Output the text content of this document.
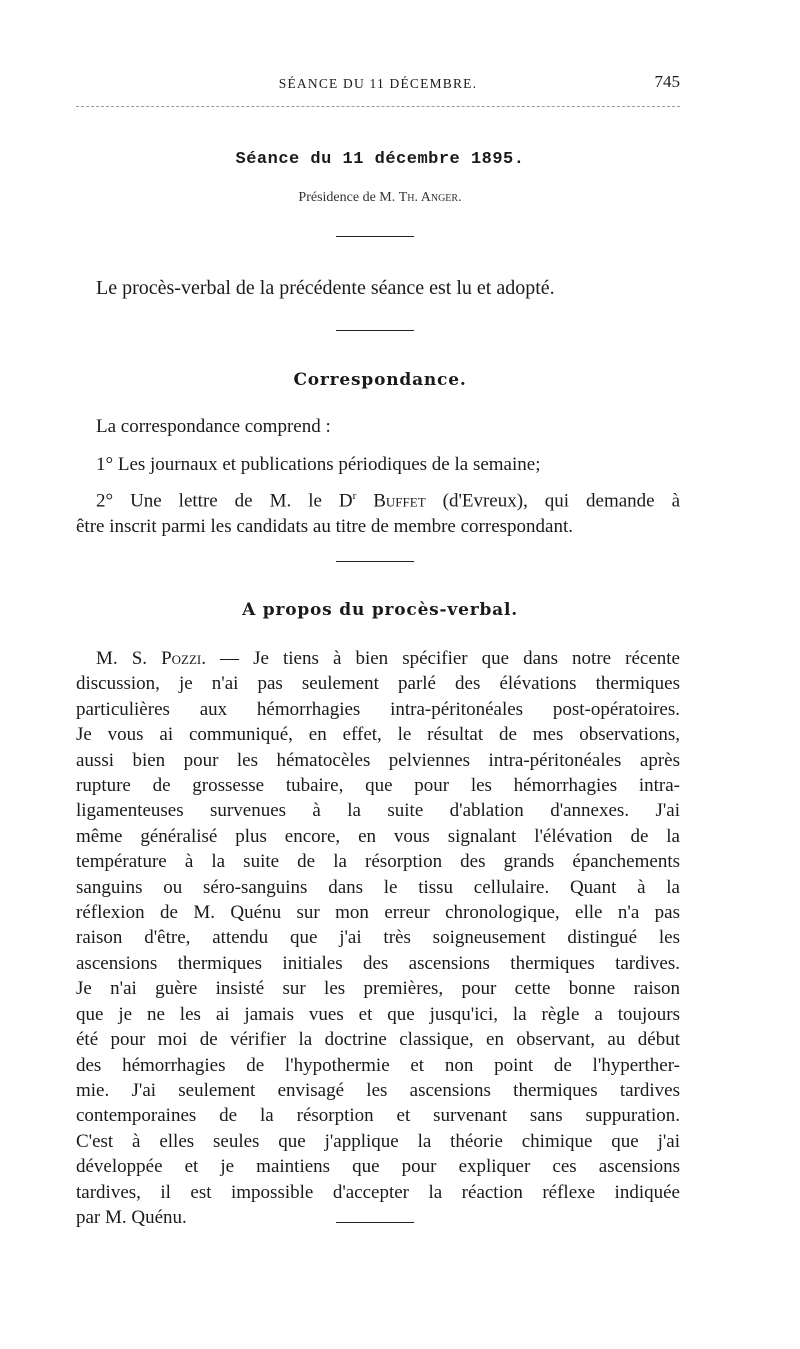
SÉANCE DU 11 DÉCEMBRE.	745
Séance du 11 décembre 1895.
Présidence de M. Th. Anger.
Le procès-verbal de la précédente séance est lu et adopté.
Correspondance.
La correspondance comprend :
1° Les journaux et publications périodiques de la semaine;
2° Une lettre de M. le $D^r$ Buffet (d'Evreux), qui demande à
être inscrit parmi les candidats au titre de membre correspondant.
A propos du procès-verbal.
M. S. Pozzi. — Je tiens à bien spécifier que dans notre récente
discussion, je n'ai pas seulement parlé des élévations thermiques
particulières aux hémorrhagies intra-péritonéales post-opératoires.
Je vous ai communiqué, en effet, le résultat de mes observations,
aussi bien pour les hématocèles pelviennes intra-péritonéales après
rupture de grossesse tubaire, que pour les hémorrhagies intra-
ligamenteuses survenues à la suite d'ablation d'annexes. J'ai
même généralisé plus encore, en vous signalant l'élévation de la
température à la suite de la résorption des grands épanchements
sanguins ou séro-sanguins dans le tissu cellulaire. Quant à la
réflexion de M. Quénu sur mon erreur chronologique, elle n'a pas
raison d'être, attendu que j'ai très soigneusement distingué les
ascensions thermiques initiales des ascensions thermiques tardives.
Je n'ai guère insisté sur les premières, pour cette bonne raison
que je ne les ai jamais vues et que jusqu'ici, la règle a toujours
été pour moi de vérifier la doctrine classique, en observant, au début
des hémorrhagies de l'hypothermie et non point de l'hyperther-
mie. J'ai seulement envisagé les ascensions thermiques tardives
contemporaines de la résorption et survenant sans suppuration.
C'est à elles seules que j'applique la théorie chimique que j'ai
développée et je maintiens que pour expliquer ces ascensions
tardives, il est impossible d'accepter la réaction réflexe indiquée
par M. Quénu.
